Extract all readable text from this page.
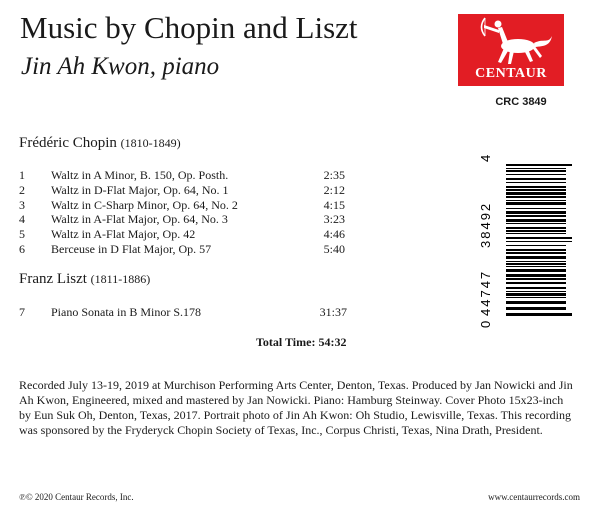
Music by Chopin and Liszt
Jin Ah Kwon, piano	CENTAUR
CRC 3849
Frédéric Chopin (1810-1849)
1 Waltz in A Minor, B. 150, Op. Posth.	2:35
2 Waltz in D-Flat Major, Op. 64, No. 1	2:12
3 Waltz in C-Sharp Minor, Op. 64, No. 2	4:15
4 Waltz in A-Flat Major, Op. 64, No. 3	3:23
5 Waltz in A-Flat Major, Op. 42	4:46
6 Berceuse in D Flat Major, Op. 57	5:40
Franz Liszt (1811-1886)
7 Piano Sonata in B Minor S.178	31:37
Total Time: 54:32
0
44747
38492
4
Recorded July 13-19, 2019 at Murchison Performing Arts Center, Denton, Texas. Produced by Jan Nowicki and Jin Ah Kwon, Engineered, mixed and mastered by Jan Nowicki. Piano: Hamburg Steinway. Cover Photo 15x23-inch by Eun Suk Oh, Denton, Texas, 2017. Portrait photo of Jin Ah Kwon: Oh Studio, Lewisville, Texas. This recording was sponsored by the Fryderyck Chopin Society of Texas, Inc., Corpus Christi, Texas, Nina Drath, President.
℗© 2020 Centaur Records, Inc.	www.centaurrecords.com
